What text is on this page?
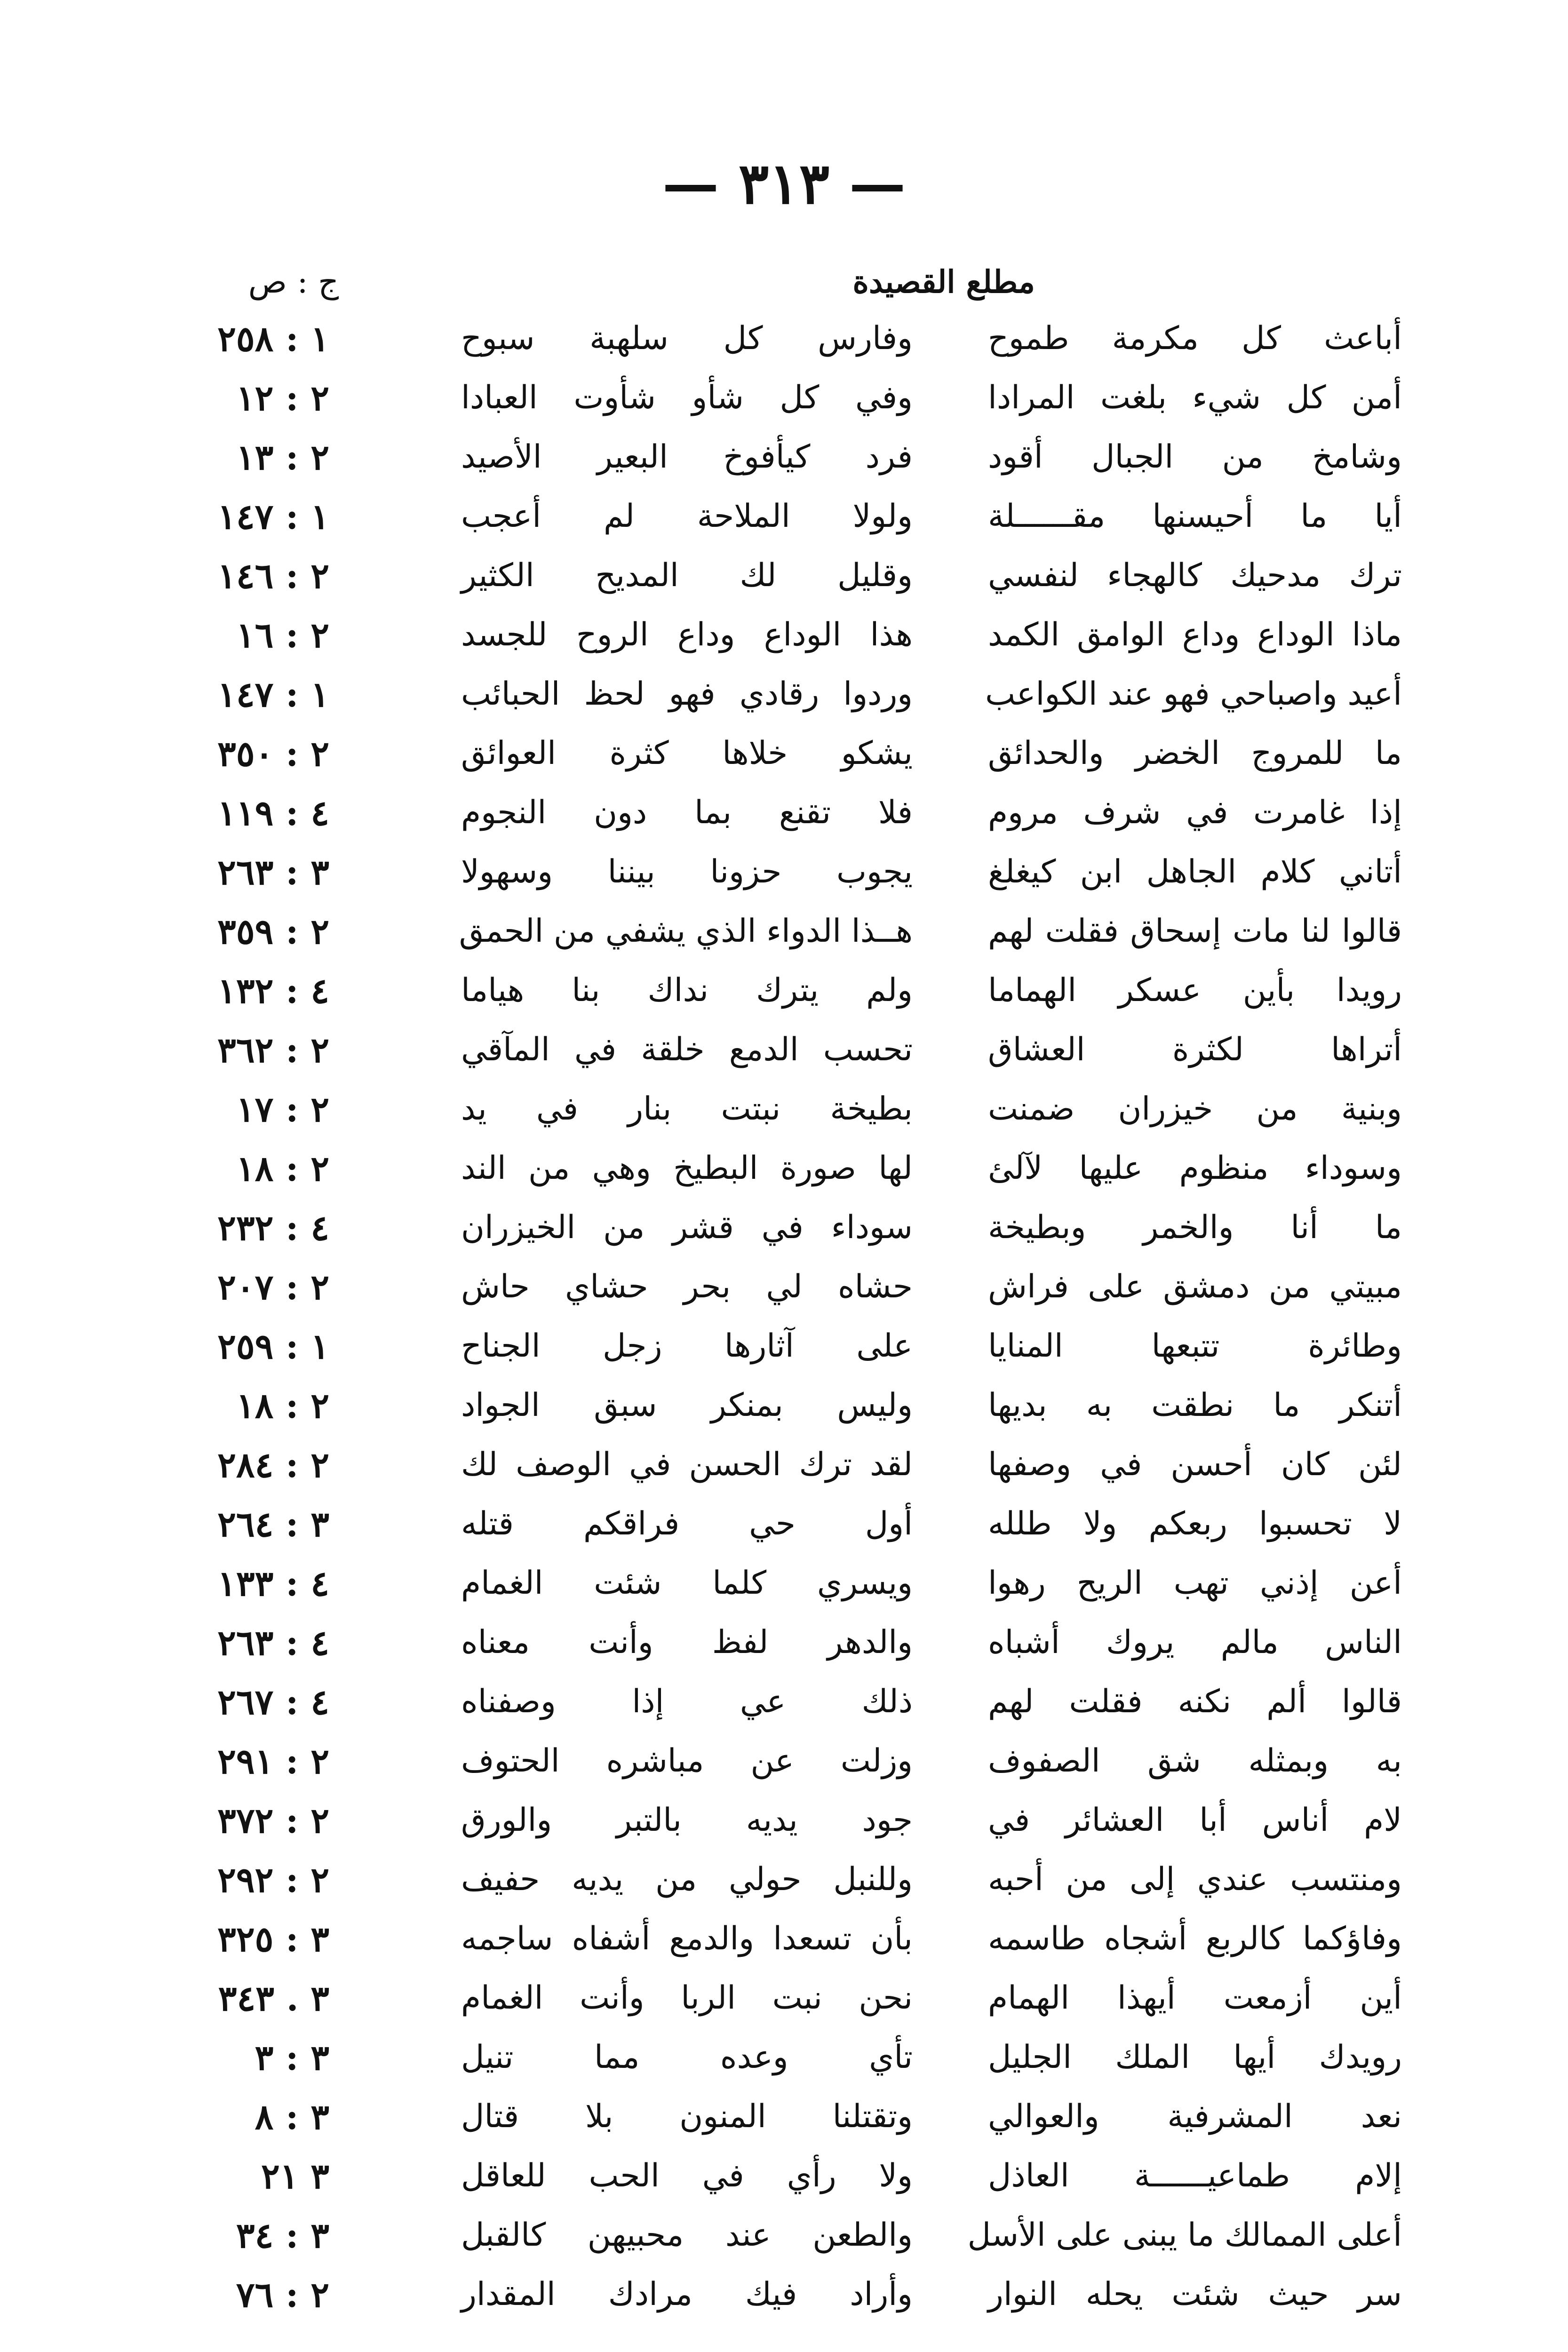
— ٣١٣ —
مطلع القصيدة
ج : ص
أباعث كل مكرمة طموح
وفارس كل سلهبة سبوح
١ : ٢٥٨
أمن كل شيء بلغت المرادا
وفي كل شأو شأوت العبادا
٢ : ١٢
وشامخ من الجبال أقود
فرد كيأفوخ البعير الأصيد
٢ : ١٣
أيا ما أحيسنها مقــــــلة
ولولا الملاحة لم أعجب
١ : ١٤٧
ترك مدحيك كالهجاء لنفسي
وقليل لك المديح الكثير
٢ : ١٤٦
ماذا الوداع وداع الوامق الكمد
هذا الوداع وداع الروح للجسد
٢ : ١٦
أعيد واصباحي فهو عند الكواعب
وردوا رقادي فهو لحظ الحبائب
١ : ١٤٧
ما للمروج الخضر والحدائق
يشكو خلاها كثرة العوائق
٢ : ٣٥٠
إذا غامرت في شرف مروم
فلا تقنع بما دون النجوم
٤ : ١١٩
أتاني كلام الجاهل ابن كيغلغ
يجوب حزونا بيننا وسهولا
٣ : ٢٦٣
قالوا لنا مات إسحاق فقلت لهم
هــذا الدواء الذي يشفي من الحمق
٢ : ٣٥٩
رويدا بأين عسكر الهماما
ولم يترك نداك بنا هياما
٤ : ١٣٢
أتراها لكثرة العشاق
تحسب الدمع خلقة في المآقي
٢ : ٣٦٢
وبنية من خيزران ضمنت
بطيخة نبتت بنار في يد
٢ : ١٧
وسوداء منظوم عليها لآلئ
لها صورة البطيخ وهي من الند
٢ : ١٨
ما أنا والخمر وبطيخة
سوداء في قشر من الخيزران
٤ : ٢٣٢
مبيتي من دمشق على فراش
حشاه لي بحر حشاي حاش
٢ : ٢٠٧
وطائرة تتبعها المنايا
على آثارها زجل الجناح
١ : ٢٥٩
أتنكر ما نطقت به بديها
وليس بمنكر سبق الجواد
٢ : ١٨
لئن كان أحسن في وصفها
لقد ترك الحسن في الوصف لك
٢ : ٢٨٤
لا تحسبوا ربعكم ولا طلله
أول حي فراقكم قتله
٣ : ٢٦٤
أعن إذني تهب الريح رهوا
ويسري كلما شئت الغمام
٤ : ١٣٣
الناس مالم يروك أشباه
والدهر لفظ وأنت معناه
٤ : ٢٦٣
قالوا ألم نكنه فقلت لهم
ذلك عي إذا وصفناه
٤ : ٢٦٧
به وبمثله شق الصفوف
وزلت عن مباشره الحتوف
٢ : ٢٩١
لام أناس أبا العشائر في
جود يديه بالتبر والورق
٢ : ٣٧٢
ومنتسب عندي إلى من أحبه
وللنبل حولي من يديه حفيف
٢ : ٢٩٢
وفاؤكما كالربع أشجاه طاسمه
بأن تسعدا والدمع أشفاه ساجمه
٣ : ٣٢٥
أين أزمعت أيهذا الهمام
نحن نبت الربا وأنت الغمام
٣ . ٣٤٣
رويدك أيها الملك الجليل
تأي وعده مما تنيل
٣ : ٣
نعد المشرفية والعوالي
وتقتلنا المنون بلا قتال
٣ : ٨
إلام طماعيــــــة العاذل
ولا رأي في الحب للعاقل
٣ ٢١
أعلى الممالك ما يبنى على الأسل
والطعن عند محبيهن كالقبل
٣ : ٣٤
سر حيث شئت يحله النوار
وأراد فيك مرادك المقدار
٢ : ٧٦
